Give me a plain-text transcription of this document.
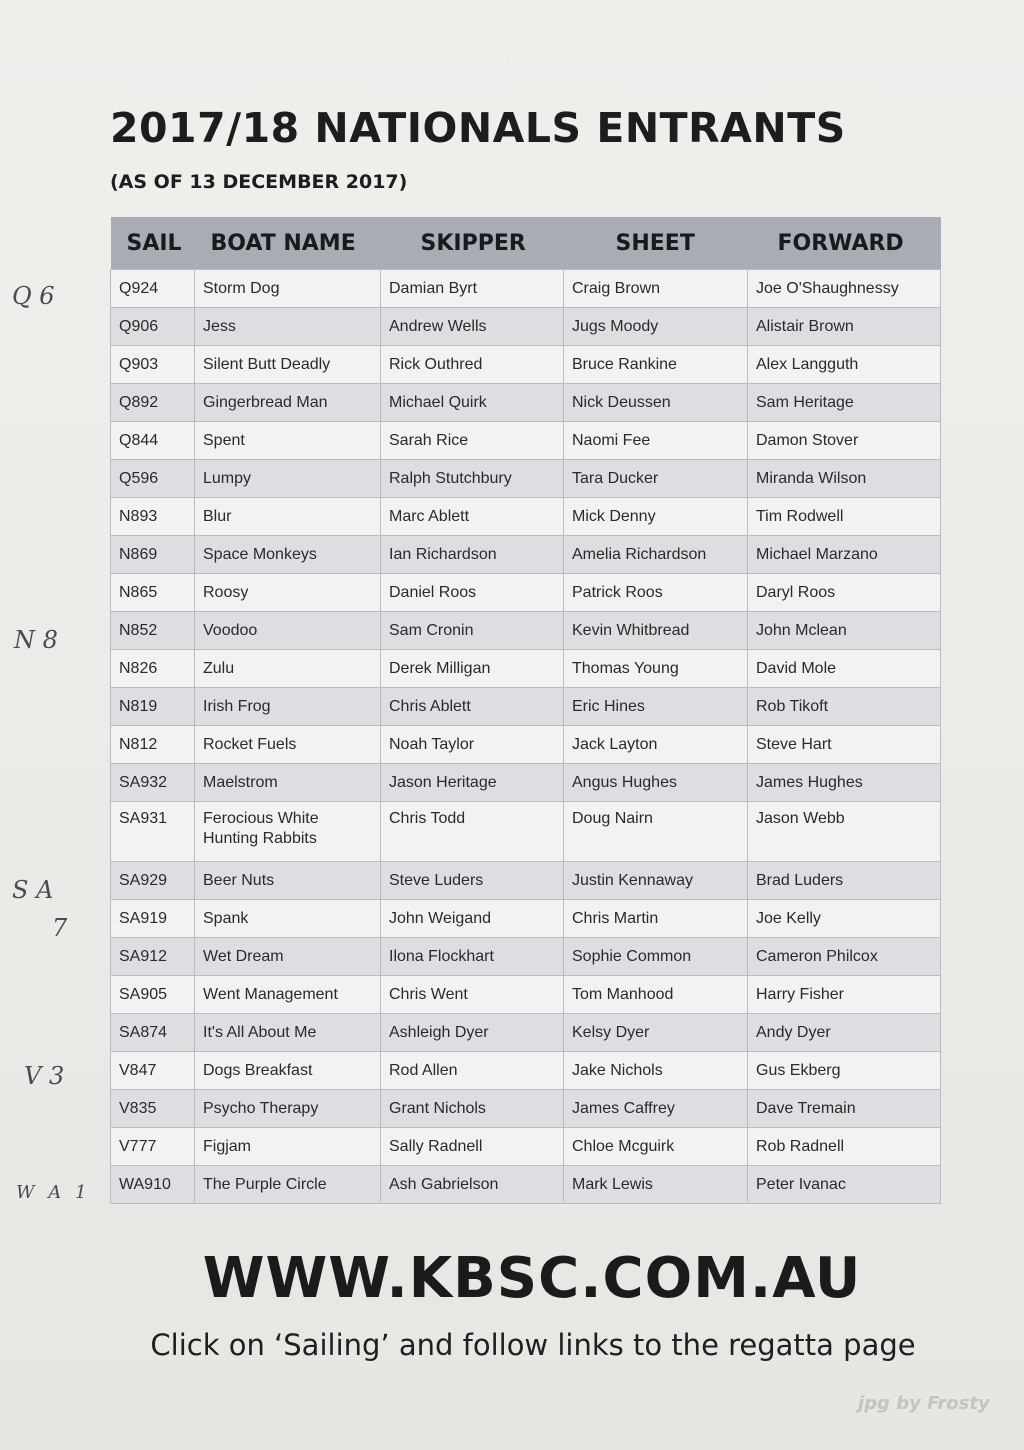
2017/18 NATIONALS ENTRANTS
(AS OF 13 DECEMBER 2017)
SAIL	BOAT NAME	SKIPPER	SHEET	FORWARD
Q924	Storm Dog	Damian Byrt	Craig Brown	Joe O'Shaughnessy
Q906	Jess	Andrew Wells	Jugs Moody	Alistair Brown
Q903	Silent Butt Deadly	Rick Outhred	Bruce Rankine	Alex Langguth
Q892	Gingerbread Man	Michael Quirk	Nick Deussen	Sam Heritage
Q844	Spent	Sarah Rice	Naomi Fee	Damon Stover
Q596	Lumpy	Ralph Stutchbury	Tara Ducker	Miranda Wilson
N893	Blur	Marc Ablett	Mick Denny	Tim Rodwell
N869	Space Monkeys	Ian Richardson	Amelia Richardson	Michael Marzano
N865	Roosy	Daniel Roos	Patrick Roos	Daryl Roos
N852	Voodoo	Sam Cronin	Kevin Whitbread	John Mclean
N826	Zulu	Derek Milligan	Thomas Young	David Mole
N819	Irish Frog	Chris Ablett	Eric Hines	Rob Tikoft
N812	Rocket Fuels	Noah Taylor	Jack Layton	Steve Hart
SA932	Maelstrom	Jason Heritage	Angus Hughes	James Hughes
SA931	Ferocious White Hunting Rabbits	Chris Todd	Doug Nairn	Jason Webb
SA929	Beer Nuts	Steve Luders	Justin Kennaway	Brad Luders
SA919	Spank	John Weigand	Chris Martin	Joe Kelly
SA912	Wet Dream	Ilona Flockhart	Sophie Common	Cameron Philcox
SA905	Went Management	Chris Went	Tom Manhood	Harry Fisher
SA874	It's All About Me	Ashleigh Dyer	Kelsy Dyer	Andy Dyer
V847	Dogs Breakfast	Rod Allen	Jake Nichols	Gus Ekberg
V835	Psycho Therapy	Grant Nichols	James Caffrey	Dave Tremain
V777	Figjam	Sally Radnell	Chloe Mcguirk	Rob Radnell
WA910	The Purple Circle	Ash Gabrielson	Mark Lewis	Peter Ivanac
WWW.KBSC.COM.AU
Click on ‘Sailing’ and follow links to the regatta page
jpg by Frosty
Q 6
N 8
S A
7
V 3
W A 1
